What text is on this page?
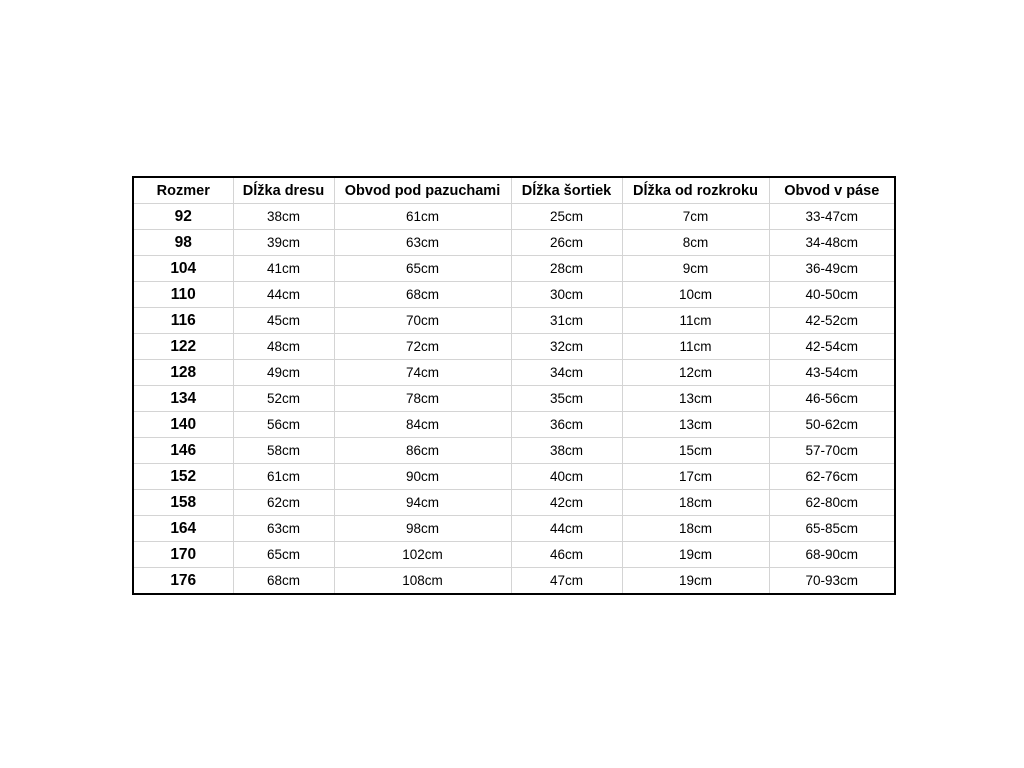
Rozmer	Dĺžka dresu	Obvod pod pazuchami	Dĺžka šortiek	Dĺžka od rozkroku	Obvod v páse
92	38cm	61cm	25cm	7cm	33-47cm
98	39cm	63cm	26cm	8cm	34-48cm
104	41cm	65cm	28cm	9cm	36-49cm
110	44cm	68cm	30cm	10cm	40-50cm
116	45cm	70cm	31cm	11cm	42-52cm
122	48cm	72cm	32cm	11cm	42-54cm
128	49cm	74cm	34cm	12cm	43-54cm
134	52cm	78cm	35cm	13cm	46-56cm
140	56cm	84cm	36cm	13cm	50-62cm
146	58cm	86cm	38cm	15cm	57-70cm
152	61cm	90cm	40cm	17cm	62-76cm
158	62cm	94cm	42cm	18cm	62-80cm
164	63cm	98cm	44cm	18cm	65-85cm
170	65cm	102cm	46cm	19cm	68-90cm
176	68cm	108cm	47cm	19cm	70-93cm
